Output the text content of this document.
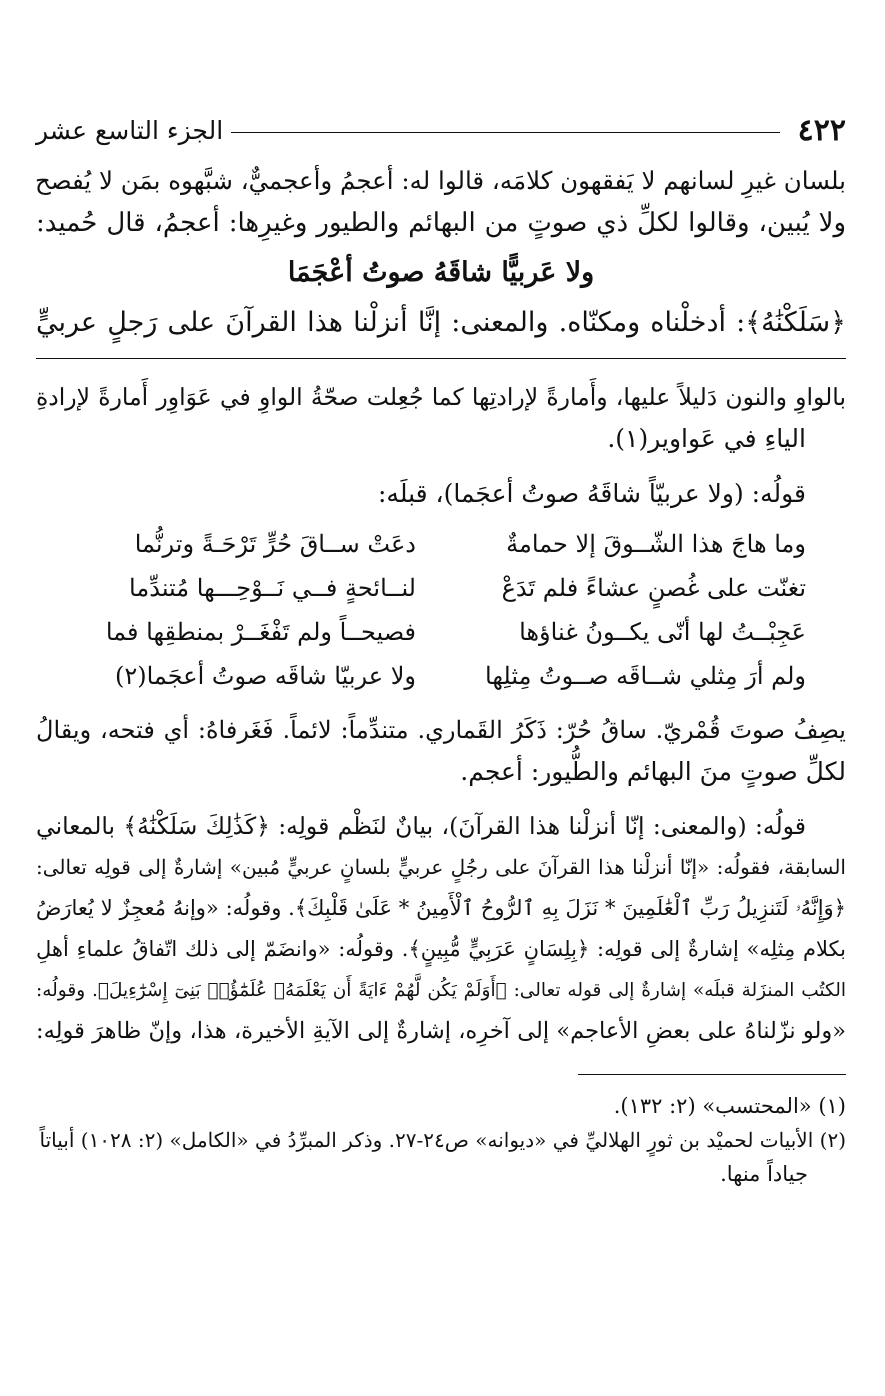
٤٢٢
الجزء التاسع عشر
بلسان غيرِ لسانهم لا يَفقهون كلامَه، قالوا له: أعجمُ وأعجميٌّ، شبَّهوه بمَن لا يُفصح
ولا يُبين، وقالوا لكلِّ ذي صوتٍ من البهائم والطيور وغيرِها: أعجمُ، قال حُميد:
ولا عَربيًّا شاقَهُ صوتُ أعْجَمَا
﴿سَلَكْنَٰهُ﴾: أدخلْناه ومكنّاه. والمعنى: إنَّا أنزلْنا هذا القرآنَ على رَجلٍ عربيٍّ
بالواوِ والنون دَليلاً عليها، وأَمارةً لإرادتِها كما جُعِلت صحّةُ الواوِ في عَوَاوِر أَمارةً لإرادةِ
الياءِ في عَواوير(١).
قولُه: (ولا عربيّاً شاقَهُ صوتُ أعجَما)، قبلَه:
وما هاجَ هذا الشّــوقَ إلا حمامةٌ
دعَتْ ســاقَ حُرٍّ تَرْحَـةً وترنُّما
تغنّت على غُصنٍ عشاءً فلم تَدَعْ
لنــائحةٍ فــي نَــوْحِـــها مُتندِّما
عَجِبْــتُ لها أنّى يكــونُ غناؤها
فصيحــاً ولم تَفْغَــرْ بمنطقِها فما
ولم أرَ مِثلي شــاقَه صــوتُ مِثلِها
ولا عربيّا شاقَه صوتُ أعجَما(٢)
يصِفُ صوتَ قُمْريّ. ساقُ حُرّ: ذَكَرُ القَماري. متندِّماً: لائماً. فَغَرفاهُ: أي فتحه، ويقالُ
لكلِّ صوتٍ منَ البهائم والطُّيور: أعجم.
قولُه: (والمعنى: إنّا أنزلْنا هذا القرآنَ)، بيانٌ لنَظْم قولِه: ﴿كَذَٰلِكَ سَلَكْنَٰهُ﴾ بالمعاني
السابقة، فقولُه: «إنّا أنزلْنا هذا القرآنَ على رجُلٍ عربيٍّ بلسانٍ عربيٍّ مُبين» إشارةٌ إلى قولِه تعالى:
﴿وَإِنَّهُۥ لَتَنزِيلُ رَبِّ ٱلْعَٰلَمِينَ * نَزَلَ بِهِ ٱلرُّوحُ ٱلْأَمِينُ * عَلَىٰ قَلْبِكَ﴾. وقولُه: «وإنهُ مُعجِزٌ لا يُعارَضُ
بكلام مِثلِه» إشارةٌ إلى قولِه: ﴿بِلِسَانٍ عَرَبِيٍّ مُّبِينٍ﴾. وقولُه: «وانضَمّ إلى ذلك اتّفاقُ علماءِ أهلِ
الكتُب المنزَلة قبلَه» إشارةٌ إلى قوله تعالى: ﴿أَوَلَمْ يَكُن لَّهُمْ ءَايَةً أَن يَعْلَمَهُۥ عُلَمَٰٓؤُا۟ بَنِىٓ إِسْرَٰٓءِيلَ﴾. وقولُه:
«ولو نزّلناهُ على بعضِ الأعاجم» إلى آخرِه، إشارةٌ إلى الآيةِ الأخيرة، هذا، وإنّ ظاهرَ قولِه:
(١) «المحتسب» (٢: ١٣٢).
(٢) الأبيات لحميْد بن ثورٍ الهلاليِّ في «ديوانه» ص٢٤-٢٧. وذكر المبرِّدُ في «الكامل» (٢: ١٠٢٨) أبياتاً
جياداً منها.
